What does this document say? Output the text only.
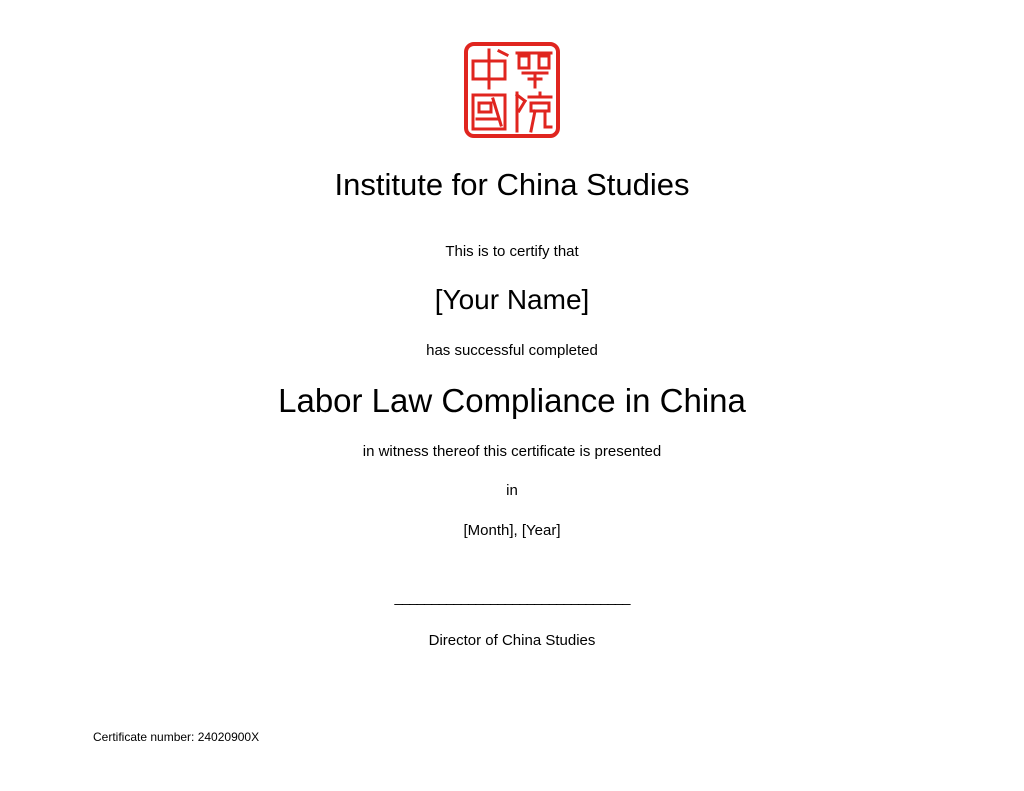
Institute for China Studies
This is to certify that
[Your Name]
has successful completed
Labor Law Compliance in China
in witness thereof this certificate is presented
in
[Month], [Year]
________________________________
Director of China Studies
Certificate number: 24020900X
